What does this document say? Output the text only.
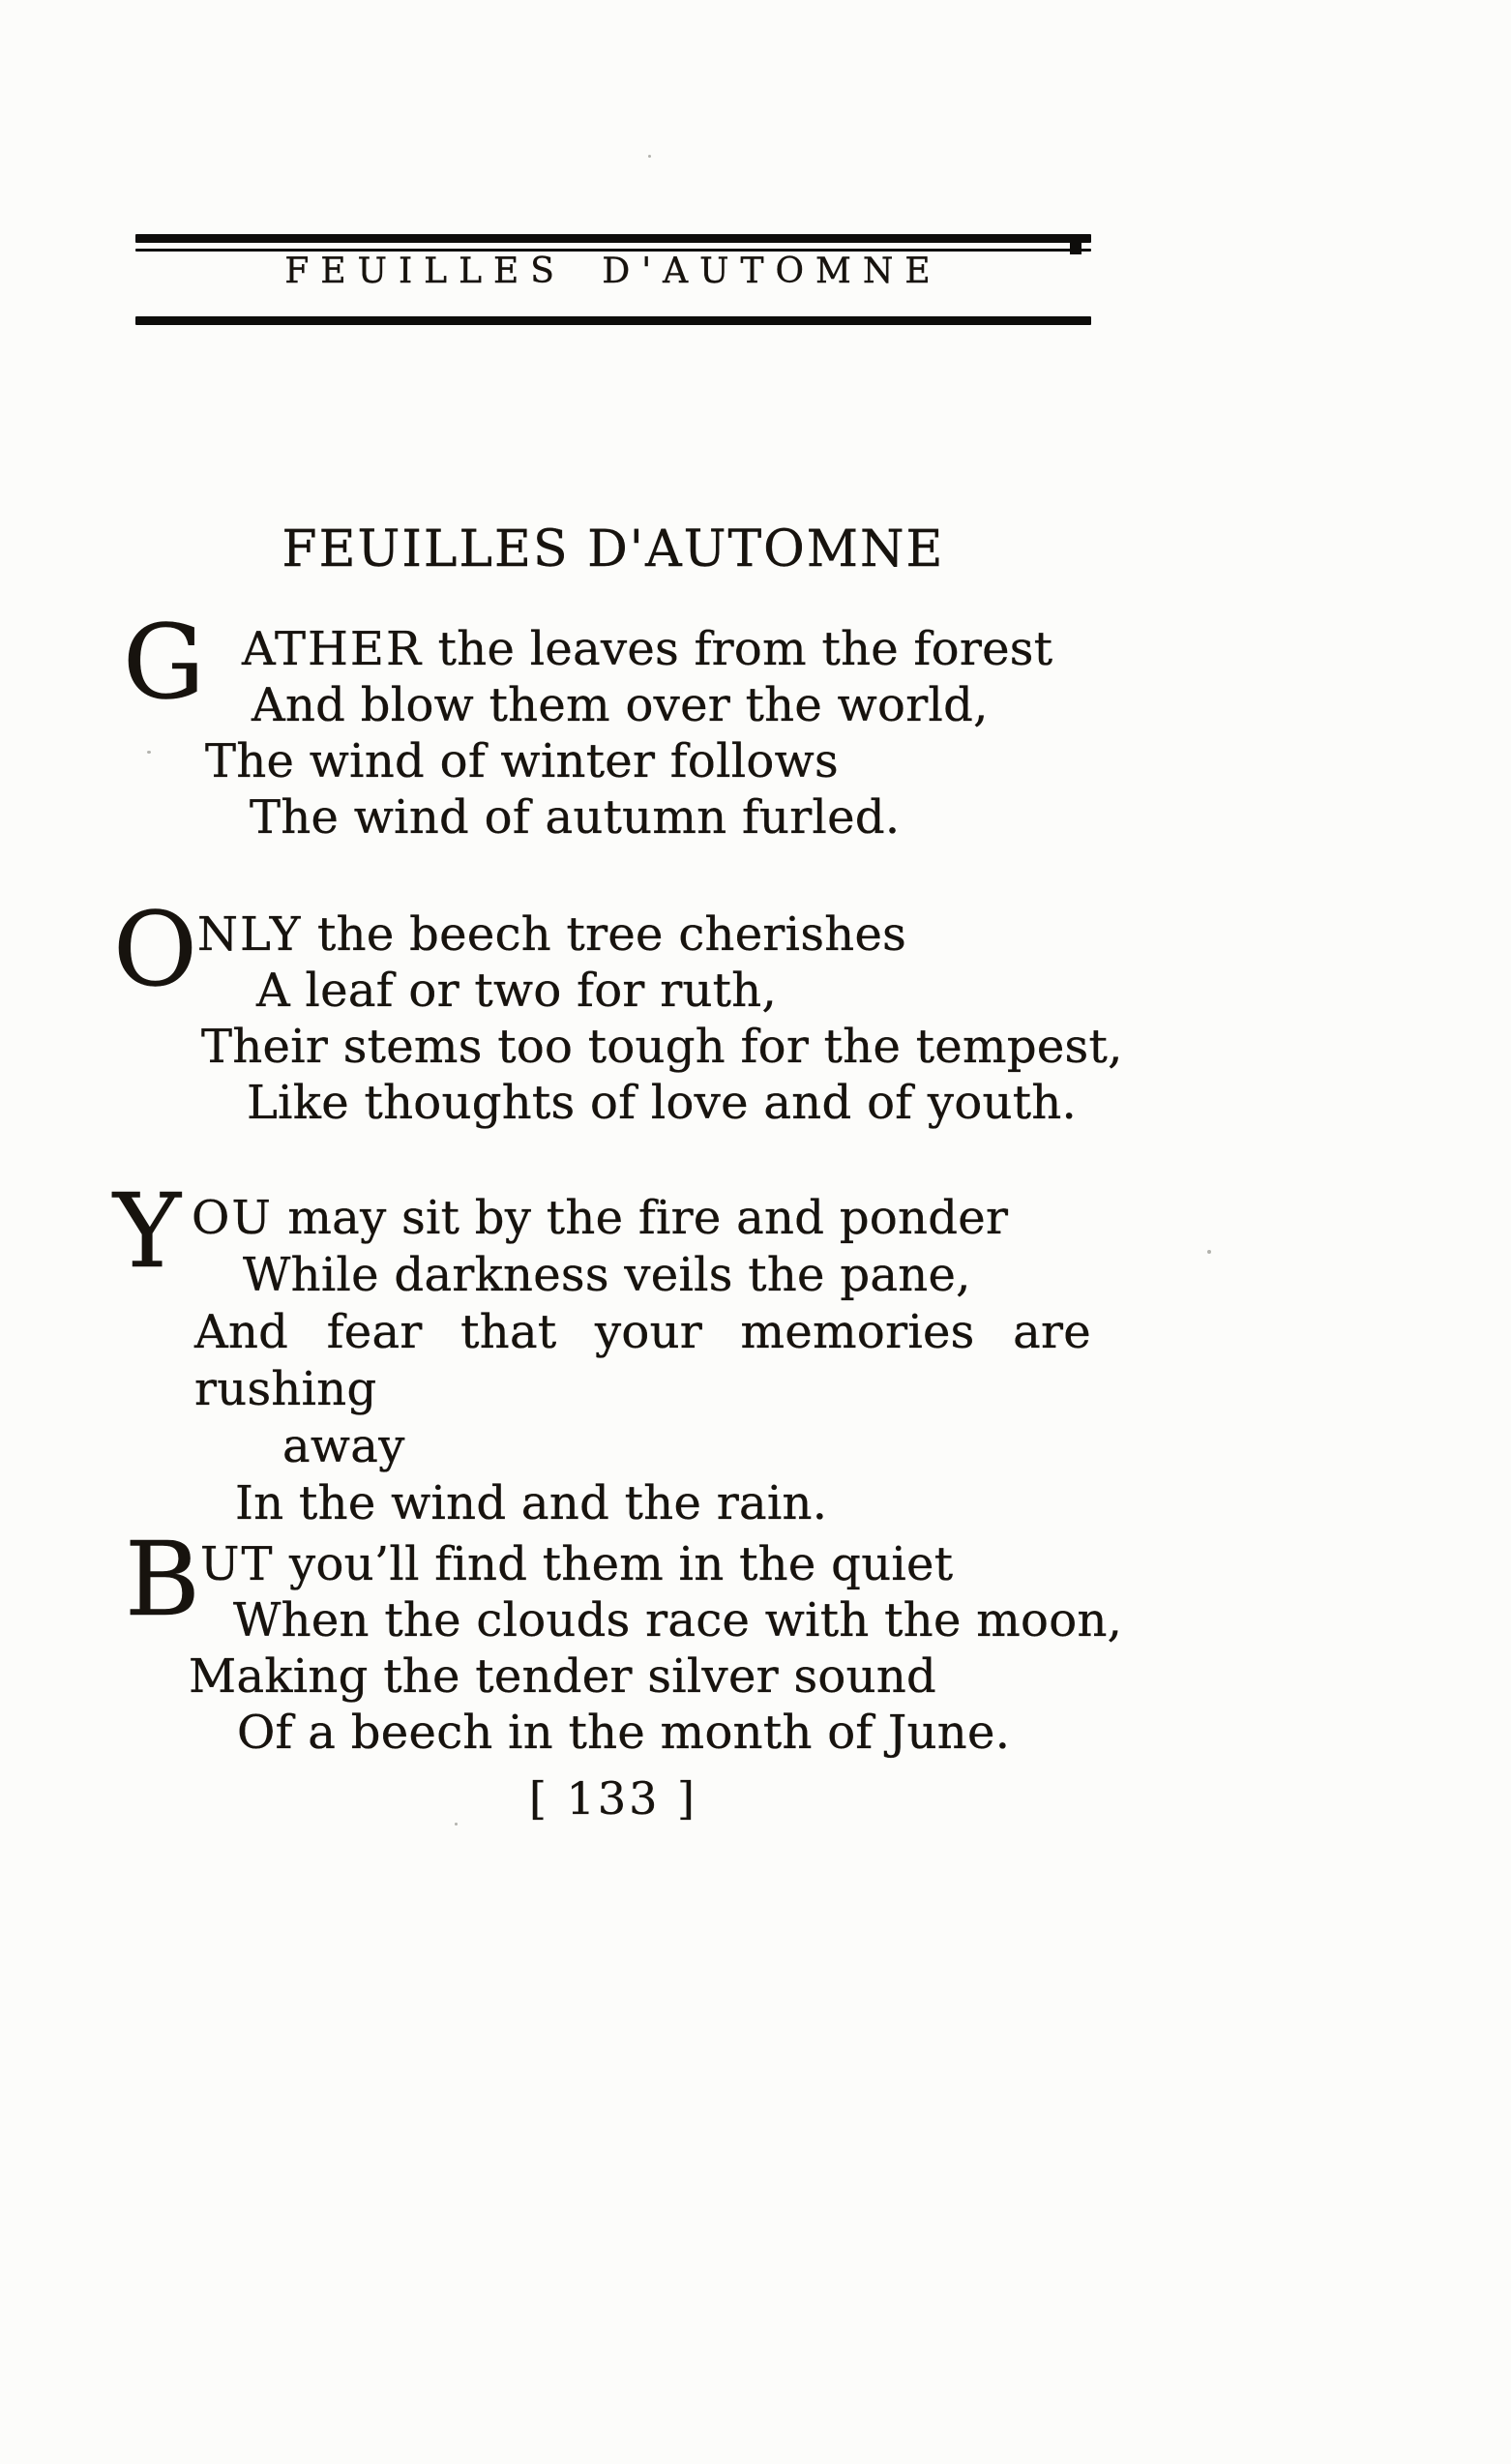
FEUILLES D'AUTOMNE
FEUILLES D'AUTOMNE
G
O
Y
B
ATHER the leaves from the forest
And blow them over the world,
The wind of winter follows
The wind of autumn furled.
NLY the beech tree cherishes
A leaf or two for ruth,
Their stems too tough for the tempest,
Like thoughts of love and of youth.
OU may sit by the fire and ponder
While darkness veils the pane,
And fear that your memories are rushing
away
In the wind and the rain.
UT you’ll find them in the quiet
When the clouds race with the moon,
Making the tender silver sound
Of a beech in the month of June.
[ 133 ]
